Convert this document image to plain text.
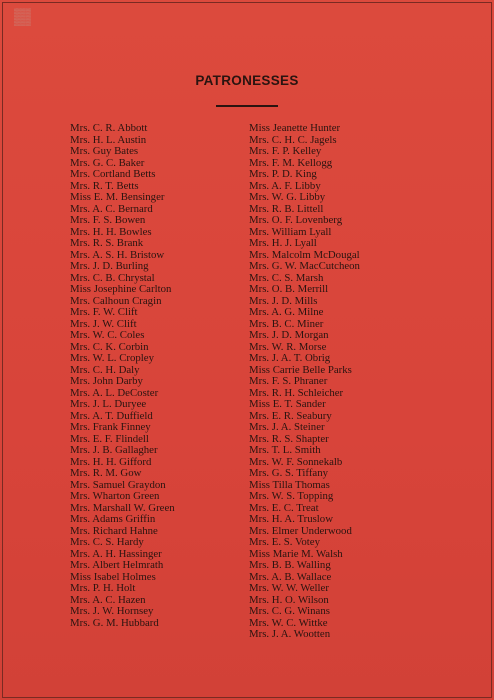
▒▒▒
▒▒▒
PATRONESSES
Mrs. C. R. Abbott
Mrs. H. L. Austin
Mrs. Guy Bates
Mrs. G. C. Baker
Mrs. Cortland Betts
Mrs. R. T. Betts
Miss E. M. Bensinger
Mrs. A. C. Bernard
Mrs. F. S. Bowen
Mrs. H. H. Bowles
Mrs. R. S. Brank
Mrs. A. S. H. Bristow
Mrs. J. D. Burling
Mrs. C. B. Chrystal
Miss Josephine Carlton
Mrs. Calhoun Cragin
Mrs. F. W. Clift
Mrs. J. W. Clift
Mrs. W. C. Coles
Mrs. C. K. Corbin
Mrs. W. L. Cropley
Mrs. C. H. Daly
Mrs. John Darby
Mrs. A. L. DeCoster
Mrs. J. L. Duryee
Mrs. A. T. Duffield
Mrs. Frank Finney
Mrs. E. F. Flindell
Mrs. J. B. Gallagher
Mrs. H. H. Gifford
Mrs. R. M. Gow
Mrs. Samuel Graydon
Mrs. Wharton Green
Mrs. Marshall W. Green
Mrs. Adams Griffin
Mrs. Richard Hahne
Mrs. C. S. Hardy
Mrs. A. H. Hassinger
Mrs. Albert Helmrath
Miss Isabel Holmes
Mrs. P. H. Holt
Mrs. A. C. Hazen
Mrs. J. W. Hornsey
Mrs. G. M. Hubbard
Miss Jeanette Hunter
Mrs. C. H. C. Jagels
Mrs. F. P. Kelley
Mrs. F. M. Kellogg
Mrs. P. D. King
Mrs. A. F. Libby
Mrs. W. G. Libby
Mrs. R. B. Littell
Mrs. O. F. Lovenberg
Mrs. William Lyall
Mrs. H. J. Lyall
Mrs. Malcolm McDougal
Mrs. G. W. MacCutcheon
Mrs. C. S. Marsh
Mrs. O. B. Merrill
Mrs. J. D. Mills
Mrs. A. G. Milne
Mrs. B. C. Miner
Mrs. J. D. Morgan
Mrs. W. R. Morse
Mrs. J. A. T. Obrig
Miss Carrie Belle Parks
Mrs. F. S. Phraner
Mrs. R. H. Schleicher
Miss E. T. Sander
Mrs. E. R. Seabury
Mrs. J. A. Steiner
Mrs. R. S. Shapter
Mrs. T. L. Smith
Mrs. W. F. Sonnekalb
Mrs. G. S. Tiffany
Miss Tilla Thomas
Mrs. W. S. Topping
Mrs. E. C. Treat
Mrs. H. A. Truslow
Mrs. Elmer Underwood
Mrs. E. S. Votey
Miss Marie M. Walsh
Mrs. B. B. Walling
Mrs. A. B. Wallace
Mrs. W. W. Weller
Mrs. H. O. Wilson
Mrs. C. G. Winans
Mrs. W. C. Wittke
Mrs. J. A. Wootten
